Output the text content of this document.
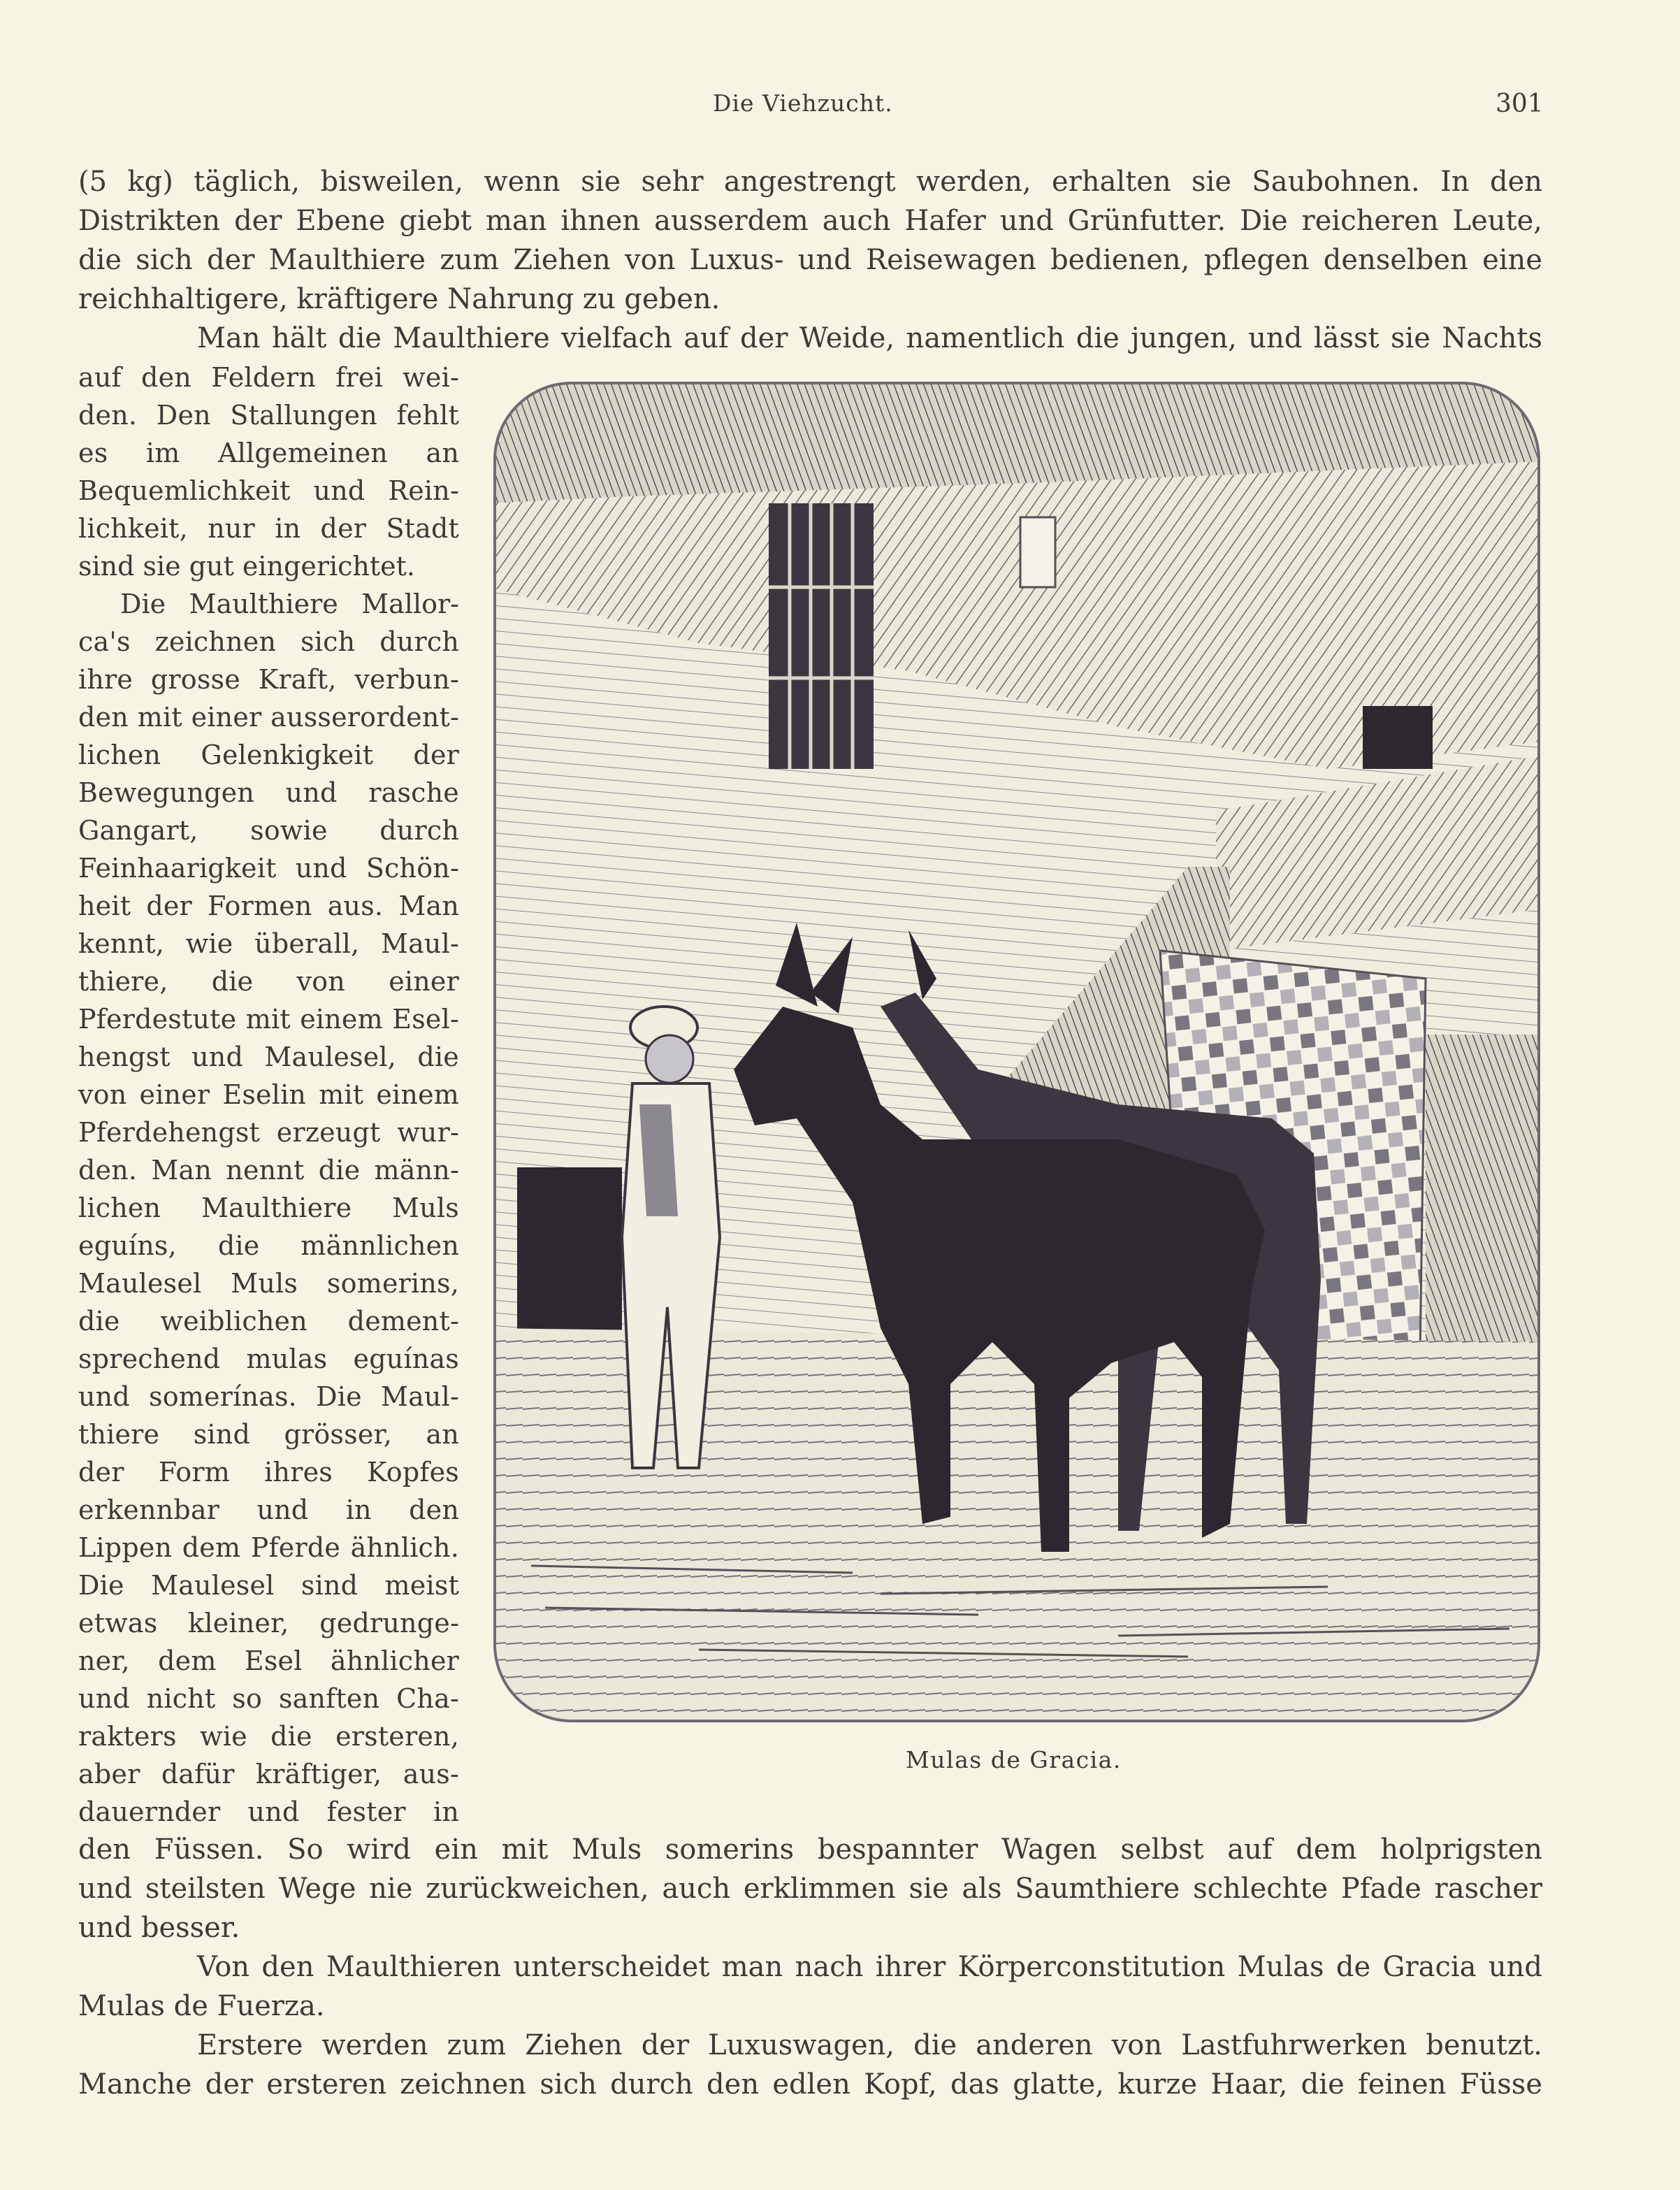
Die Viehzucht.	301
(5 kg) täglich, bisweilen, wenn sie sehr angestrengt werden, erhalten sie Saubohnen. In den
Distrikten der Ebene giebt man ihnen ausserdem auch Hafer und Grünfutter. Die reicheren Leute,
die sich der Maulthiere zum Ziehen von Luxus- und Reisewagen bedienen, pflegen denselben eine
reichhaltigere, kräftigere Nahrung zu geben.
Man hält die Maulthiere vielfach auf der Weide, namentlich die jungen, und lässt sie Nachts
auf den Feldern frei wei-
den. Den Stallungen fehlt
es im Allgemeinen an
Bequemlichkeit und Rein-
lichkeit, nur in der Stadt
sind sie gut eingerichtet.
Die Maulthiere Mallor-
ca's zeichnen sich durch
ihre grosse Kraft, verbun-
den mit einer ausserordent-
lichen Gelenkigkeit der
Bewegungen und rasche
Gangart, sowie durch
Feinhaarigkeit und Schön-
heit der Formen aus. Man
kennt, wie überall, Maul-
thiere, die von einer
Pferdestute mit einem Esel-
hengst und Maulesel, die
von einer Eselin mit einem
Pferdehengst erzeugt wur-
den. Man nennt die männ-
lichen Maulthiere Muls
eguíns, die männlichen
Maulesel Muls somerins,
die weiblichen dement-
sprechend mulas eguínas
und somerínas. Die Maul-
thiere sind grösser, an
der Form ihres Kopfes
erkennbar und in den
Lippen dem Pferde ähnlich.
Die Maulesel sind meist
etwas kleiner, gedrunge-
ner, dem Esel ähnlicher
und nicht so sanften Cha-
rakters wie die ersteren,
aber dafür kräftiger, aus-
dauernder und fester in
Mulas de Gracia.
den Füssen. So wird ein mit Muls somerins bespannter Wagen selbst auf dem holprigsten
und steilsten Wege nie zurückweichen, auch erklimmen sie als Saumthiere schlechte Pfade rascher
und besser.
Von den Maulthieren unterscheidet man nach ihrer Körperconstitution Mulas de Gracia und
Mulas de Fuerza.
Erstere werden zum Ziehen der Luxuswagen, die anderen von Lastfuhrwerken benutzt.
Manche der ersteren zeichnen sich durch den edlen Kopf, das glatte, kurze Haar, die feinen Füsse
